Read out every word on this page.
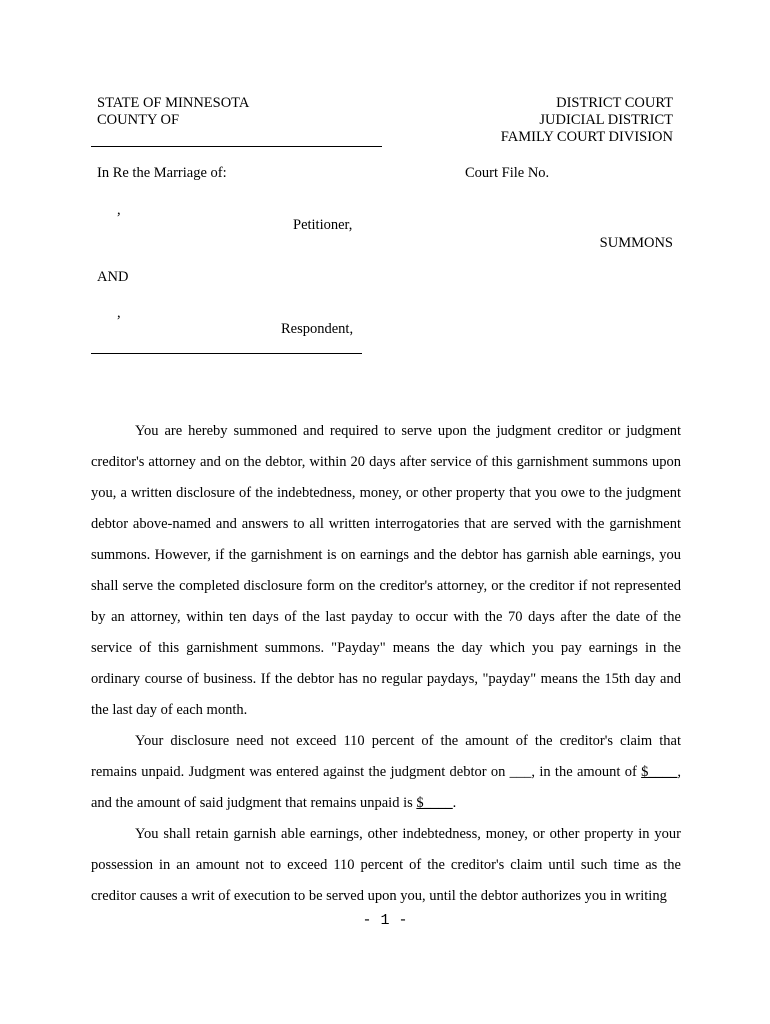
STATE OF MINNESOTA
COUNTY OF
DISTRICT COURT
JUDICIAL DISTRICT
FAMILY COURT DIVISION
In Re the Marriage of:	Court File No.
,
Petitioner,
SUMMONS
AND
,
Respondent,

You are hereby summoned and required to serve upon the judgment creditor or judgment creditor's attorney and on the debtor, within 20 days after service of this garnishment summons upon you, a written disclosure of the indebtedness, money, or other property that you owe to the judgment debtor above-named and answers to all written interrogatories that are served with the garnishment summons. However, if the garnishment is on earnings and the debtor has garnish able earnings, you shall serve the completed disclosure form on the creditor's attorney, or the creditor if not represented by an attorney, within ten days of the last payday to occur with the 70 days after the date of the service of this garnishment summons. "Payday" means the day which you pay earnings in the ordinary course of business. If the debtor has no regular paydays, "payday" means the 15th day and the last day of each month.

Your disclosure need not exceed 110 percent of the amount of the creditor's claim that remains unpaid. Judgment was entered against the judgment debtor on ___, in the amount of $____, and the amount of said judgment that remains unpaid is $____.

You shall retain garnish able earnings, other indebtedness, money, or other property in your possession in an amount not to exceed 110 percent of the creditor's claim until such time as the creditor causes a writ of execution to be served upon you, until the debtor authorizes you in writing

- 1 -
